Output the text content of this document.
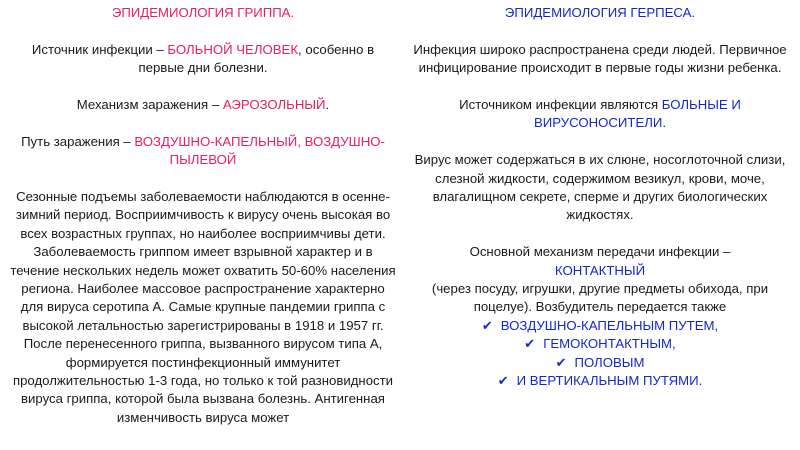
ЭПИДЕМИОЛОГИЯ ГРИППА.

Источник инфекции – БОЛЬНОЙ ЧЕЛОВЕК, особенно в первые дни болезни.

Механизм заражения – АЭРОЗОЛЬНЫЙ.

Путь заражения – ВОЗДУШНО-КАПЕЛЬНЫЙ, ВОЗДУШНО-ПЫЛЕВОЙ

Сезонные подъемы заболеваемости наблюдаются в осенне-зимний период. Восприимчивость к вирусу очень высокая во всех возрастных группах, но наиболее восприимчивы дети. Заболеваемость гриппом имеет взрывной характер и в течение нескольких недель может охватить 50-60% населения региона. Наиболее массовое распространение характерно для вируса серотипа А. Самые крупные пандемии гриппа с высокой летальностью зарегистрированы в 1918 и 1957 гг. После перенесенного гриппа, вызванного вирусом типа А, формируется постинфекционный иммунитет продолжительностью 1-3 года, но только к той разновидности вируса гриппа, которой была вызвана болезнь. Антигенная изменчивость вируса может

ЭПИДЕМИОЛОГИЯ ГЕРПЕСА.

Инфекция широко распространена среди людей. Первичное инфицирование происходит в первые годы жизни ребенка.

Источником инфекции являются БОЛЬНЫЕ И ВИРУСОНОСИТЕЛИ.

Вирус может содержаться в их слюне, носоглоточной слизи, слезной жидкости, содержимом везикул, крови, моче, влагалищном секрете, сперме и других биологических жидкостях.

Основной механизм передачи инфекции –
КОНТАКТНЫЙ

(через посуду, игрушки, другие предметы обихода, при поцелуе). Возбудитель передается также

✔ ВОЗДУШНО-КАПЕЛЬНЫМ ПУТЕМ,
✔ ГЕМОКОНТАКТНЫМ,
✔ ПОЛОВЫМ
✔ И ВЕРТИКАЛЬНЫМ ПУТЯМИ.
